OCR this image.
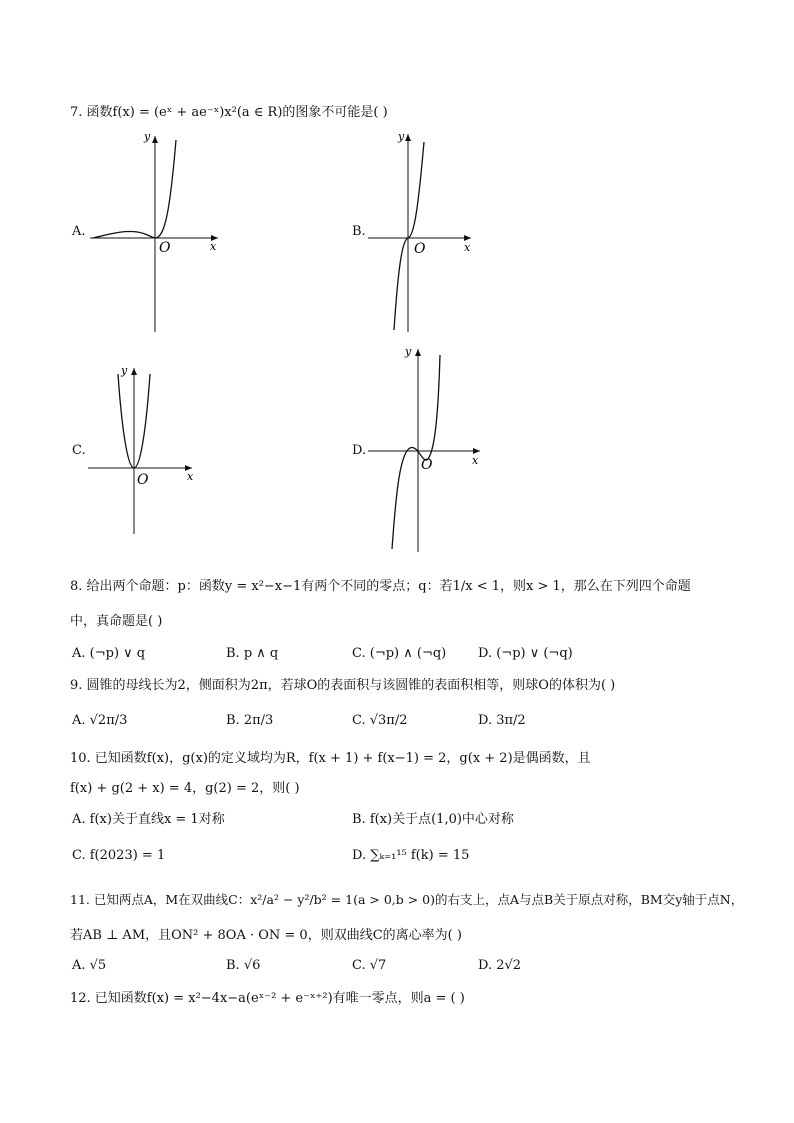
7. 函数f(x) = (eˣ + ae⁻ˣ)x²(a ∈ R)的图象不可能是( )
A.
y
x
O
B.
y
x
O
C.
y
x
O
D.
y
x
O
8. 给出两个命题：p：函数y = x²−x−1有两个不同的零点；q：若1/x < 1，则x > 1，那么在下列四个命题
中，真命题是( )
A. (¬p) ∨ q	B. p ∧ q	C. (¬p) ∧ (¬q) D. (¬p) ∨ (¬q)
9. 圆锥的母线长为2，侧面积为2π，若球O的表面积与该圆锥的表面积相等，则球O的体积为( )
A. √2π/3	B. 2π/3	C. √3π/2	D. 3π/2
10. 已知函数f(x)，g(x)的定义域均为R，f(x + 1) + f(x−1) = 2，g(x + 2)是偶函数，且
f(x) + g(2 + x) = 4，g(2) = 2，则( )
A. f(x)关于直线x = 1对称	B. f(x)关于点(1,0)中心对称
C. f(2023) = 1	D. ∑ₖ₌₁¹⁵ f(k) = 15
11. 已知两点A，M在双曲线C：x²/a² − y²/b² = 1(a > 0,b > 0)的右支上，点A与点B关于原点对称，BM交y轴于点N，
若AB ⊥ AM，且ON² + 8OA · ON = 0，则双曲线C的离心率为( )
A. √5	B. √6	C. √7	D. 2√2
12. 已知函数f(x) = x²−4x−a(eˣ⁻² + e⁻ˣ⁺²)有唯一零点，则a = ( )
